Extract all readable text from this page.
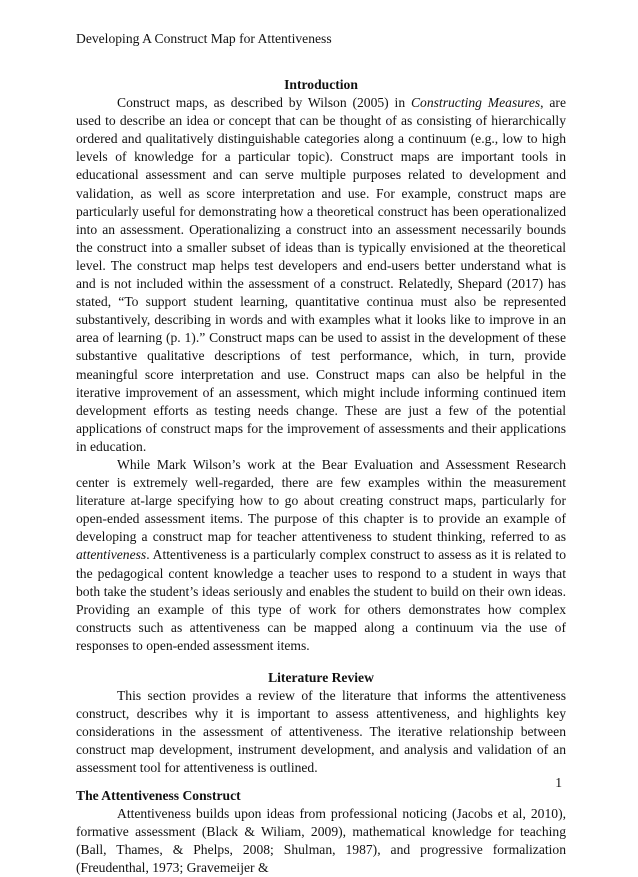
Developing A Construct Map for Attentiveness
Introduction

Construct maps, as described by Wilson (2005) in Constructing Measures, are used to describe an idea or concept that can be thought of as consisting of hierarchically ordered and qualitatively distinguishable categories along a continuum (e.g., low to high levels of knowledge for a particular topic). Construct maps are important tools in educational assessment and can serve multiple purposes related to development and validation, as well as score interpretation and use. For example, construct maps are particularly useful for demonstrating how a theoretical construct has been operationalized into an assessment. Operationalizing a construct into an assessment necessarily bounds the construct into a smaller subset of ideas than is typically envisioned at the theoretical level. The construct map helps test developers and end-users better understand what is and is not included within the assessment of a construct. Relatedly, Shepard (2017) has stated, “To support student learning, quantitative continua must also be represented substantively, describing in words and with examples what it looks like to improve in an area of learning (p. 1).” Construct maps can be used to assist in the development of these substantive qualitative descriptions of test performance, which, in turn, provide meaningful score interpretation and use. Construct maps can also be helpful in the iterative improvement of an assessment, which might include informing continued item development efforts as testing needs change. These are just a few of the potential applications of construct maps for the improvement of assessments and their applications in education.

While Mark Wilson’s work at the Bear Evaluation and Assessment Research center is extremely well-regarded, there are few examples within the measurement literature at-large specifying how to go about creating construct maps, particularly for open-ended assessment items. The purpose of this chapter is to provide an example of developing a construct map for teacher attentiveness to student thinking, referred to as attentiveness. Attentiveness is a particularly complex construct to assess as it is related to the pedagogical content knowledge a teacher uses to respond to a student in ways that both take the student’s ideas seriously and enables the student to build on their own ideas. Providing an example of this type of work for others demonstrates how complex constructs such as attentiveness can be mapped along a continuum via the use of responses to open-ended assessment items.

Literature Review

This section provides a review of the literature that informs the attentiveness construct, describes why it is important to assess attentiveness, and highlights key considerations in the assessment of attentiveness. The iterative relationship between construct map development, instrument development, and analysis and validation of an assessment tool for attentiveness is outlined.

The Attentiveness Construct

Attentiveness builds upon ideas from professional noticing (Jacobs et al, 2010), formative assessment (Black & Wiliam, 2009), mathematical knowledge for teaching (Ball, Thames, & Phelps, 2008; Shulman, 1987), and progressive formalization (Freudenthal, 1973; Gravemeijer &

1
